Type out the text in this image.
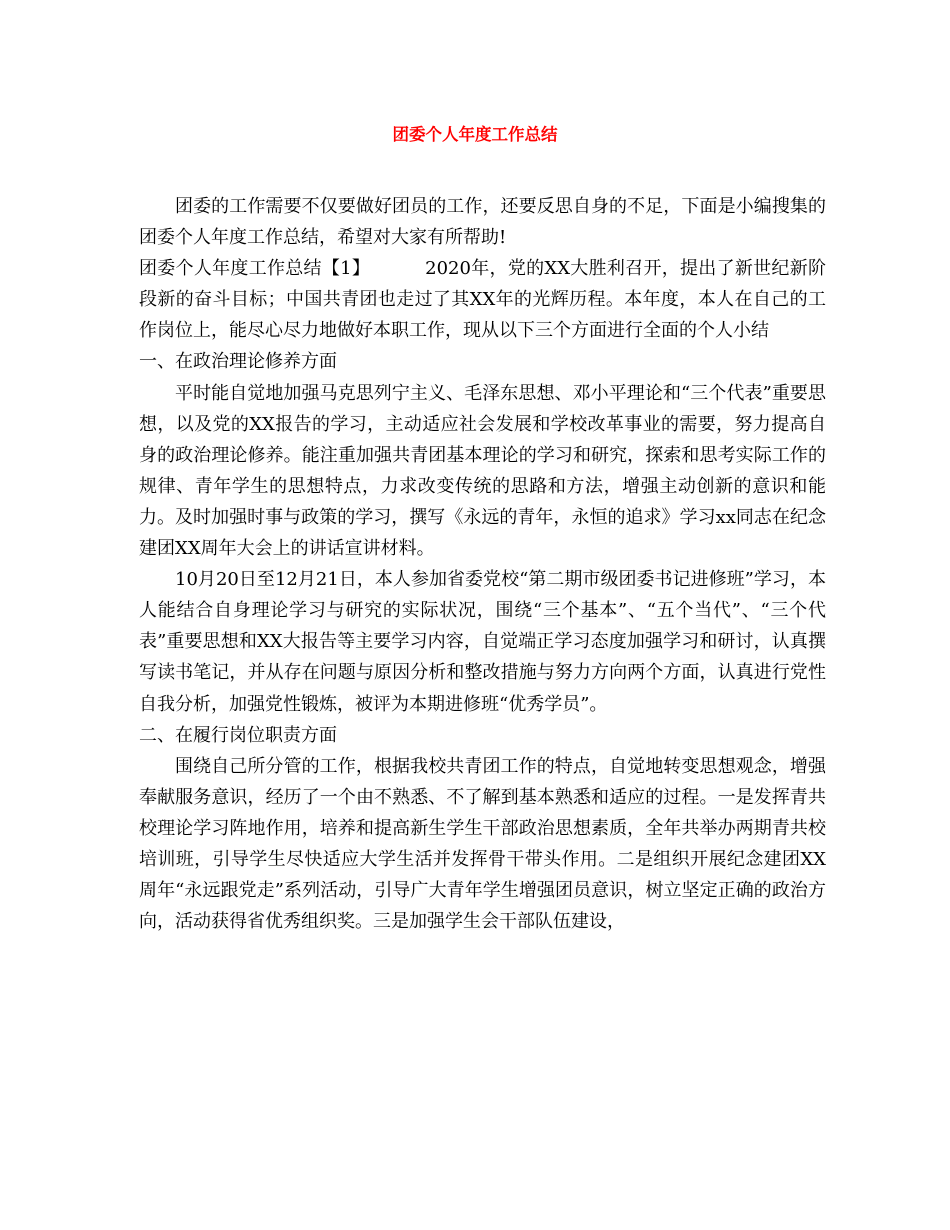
团委个人年度工作总结

团委的工作需要不仅要做好团员的工作，还要反思自身的不足，下面是小编搜集的团委个人年度工作总结，希望对大家有所帮助!

团委个人年度工作总结【1】	2020年，党的XX大胜利召开，提出了新世纪新阶段新的奋斗目标；中国共青团也走过了其XX年的光辉历程。本年度，本人在自己的工作岗位上，能尽心尽力地做好本职工作，现从以下三个方面进行全面的个人小结

一、在政治理论修养方面

平时能自觉地加强马克思列宁主义、毛泽东思想、邓小平理论和“三个代表”重要思想，以及党的XX报告的学习，主动适应社会发展和学校改革事业的需要，努力提高自身的政治理论修养。能注重加强共青团基本理论的学习和研究，探索和思考实际工作的规律、青年学生的思想特点，力求改变传统的思路和方法，增强主动创新的意识和能力。及时加强时事与政策的学习，撰写《永远的青年，永恒的追求》学习xx同志在纪念建团XX周年大会上的讲话宣讲材料。

10月20日至12月21日，本人参加省委党校“第二期市级团委书记进修班”学习，本人能结合自身理论学习与研究的实际状况，围绕“三个基本”、“五个当代”、“三个代表”重要思想和XX大报告等主要学习内容，自觉端正学习态度加强学习和研讨，认真撰写读书笔记，并从存在问题与原因分析和整改措施与努力方向两个方面，认真进行党性自我分析，加强党性锻炼，被评为本期进修班“优秀学员”。

二、在履行岗位职责方面

围绕自己所分管的工作，根据我校共青团工作的特点，自觉地转变思想观念，增强奉献服务意识，经历了一个由不熟悉、不了解到基本熟悉和适应的过程。一是发挥青共校理论学习阵地作用，培养和提高新生学生干部政治思想素质，全年共举办两期青共校培训班，引导学生尽快适应大学生活并发挥骨干带头作用。二是组织开展纪念建团XX周年“永远跟党走”系列活动，引导广大青年学生增强团员意识，树立坚定正确的政治方向，活动获得省优秀组织奖。三是加强学生会干部队伍建设，
